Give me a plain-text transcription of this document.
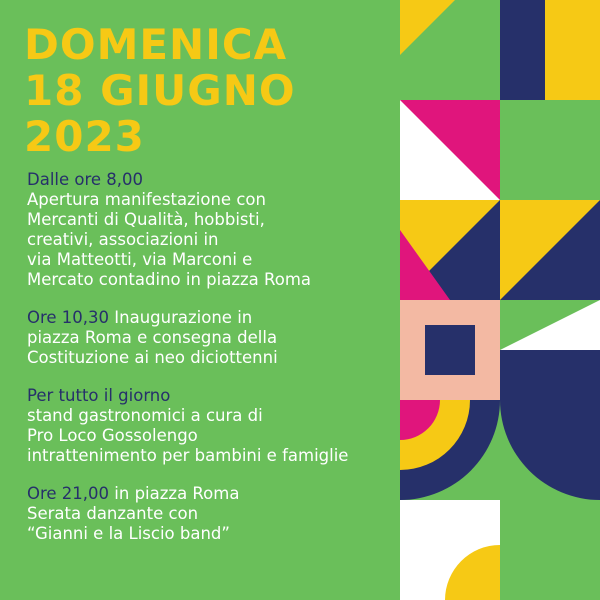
DOMENICA
18 GIUGNO
2023
Dalle ore 8,00
Apertura manifestazione con
Mercanti di Qualità, hobbisti,
creativi, associazioni in
via Matteotti, via Marconi e
Mercato contadino in piazza Roma
Ore 10,30 Inaugurazione in
piazza Roma e consegna della
Costituzione ai neo diciottenni
Per tutto il giorno
stand gastronomici a cura di
Pro Loco Gossolengo
intrattenimento per bambini e famiglie
Ore 21,00 in piazza Roma
Serata danzante con
“Gianni e la Liscio band”
